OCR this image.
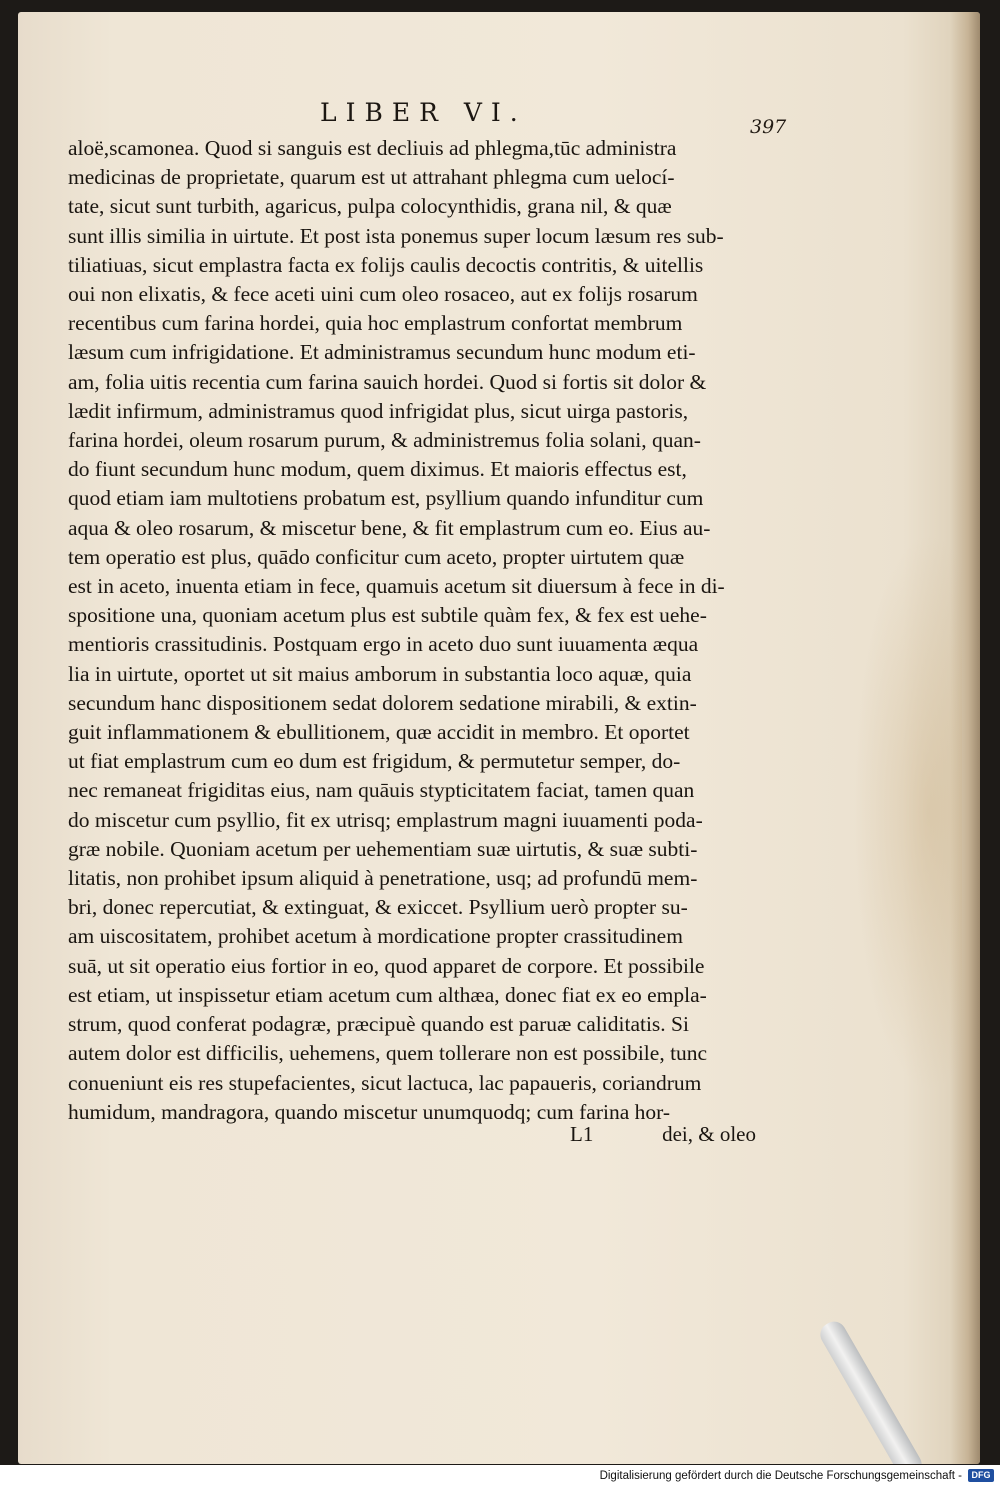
LIBER VI.	397
aloë,scamonea. Quod si sanguis est decliuis ad phlegma,tūc administra
medicinas de proprietate, quarum est ut attrahant phlegma cum uelocí-
tate, sicut sunt turbith, agaricus, pulpa colocynthidis, grana nil, & quæ
sunt illis similia in uirtute. Et post ista ponemus super locum læsum res sub-
tiliatiuas, sicut emplastra facta ex folijs caulis decoctis contritis, & uitellis
oui non elixatis, & fece aceti uini cum oleo rosaceo, aut ex folijs rosarum
recentibus cum farina hordei, quia hoc emplastrum confortat membrum
læsum cum infrigidatione. Et administramus secundum hunc modum eti-
am, folia uitis recentia cum farina sauich hordei. Quod si fortis sit dolor &
lædit infirmum, administramus quod infrigidat plus, sicut uirga pastoris,
farina hordei, oleum rosarum purum, & administremus folia solani, quan-
do fiunt secundum hunc modum, quem diximus. Et maioris effectus est,
quod etiam iam multotiens probatum est, psyllium quando infunditur cum
aqua & oleo rosarum, & miscetur bene, & fit emplastrum cum eo. Eius au-
tem operatio est plus, quādo conficitur cum aceto, propter uirtutem quæ
est in aceto, inuenta etiam in fece, quamuis acetum sit diuersum à fece in di-
spositione una, quoniam acetum plus est subtile quàm fex, & fex est uehe-
mentioris crassitudinis. Postquam ergo in aceto duo sunt iuuamenta æqua
lia in uirtute, oportet ut sit maius amborum in substantia loco aquæ, quia
secundum hanc dispositionem sedat dolorem sedatione mirabili, & extin-
guit inflammationem & ebullitionem, quæ accidit in membro. Et oportet
ut fiat emplastrum cum eo dum est frigidum, & permutetur semper, do-
nec remaneat frigiditas eius, nam quāuis stypticitatem faciat, tamen quan
do miscetur cum psyllio, fit ex utrisq; emplastrum magni iuuamenti poda-
græ nobile. Quoniam acetum per uehementiam suæ uirtutis, & suæ subti-
litatis, non prohibet ipsum aliquid à penetratione, usq; ad profundū mem-
bri, donec repercutiat, & extinguat, & exiccet. Psyllium uerò propter su-
am uiscositatem, prohibet acetum à mordicatione propter crassitudinem
suā, ut sit operatio eius fortior in eo, quod apparet de corpore. Et possibile
est etiam, ut inspissetur etiam acetum cum althæa, donec fiat ex eo empla-
strum, quod conferat podagræ, præcipuè quando est paruæ caliditatis. Si
autem dolor est difficilis, uehemens, quem tollerare non est possibile, tunc
conueniunt eis res stupefacientes, sicut lactuca, lac papaueris, coriandrum
humidum, mandragora, quando miscetur unumquodq; cum farina hor-
L1	dei, & oleo
Digitalisierung gefördert durch die Deutsche Forschungsgemeinschaft -	DFG
